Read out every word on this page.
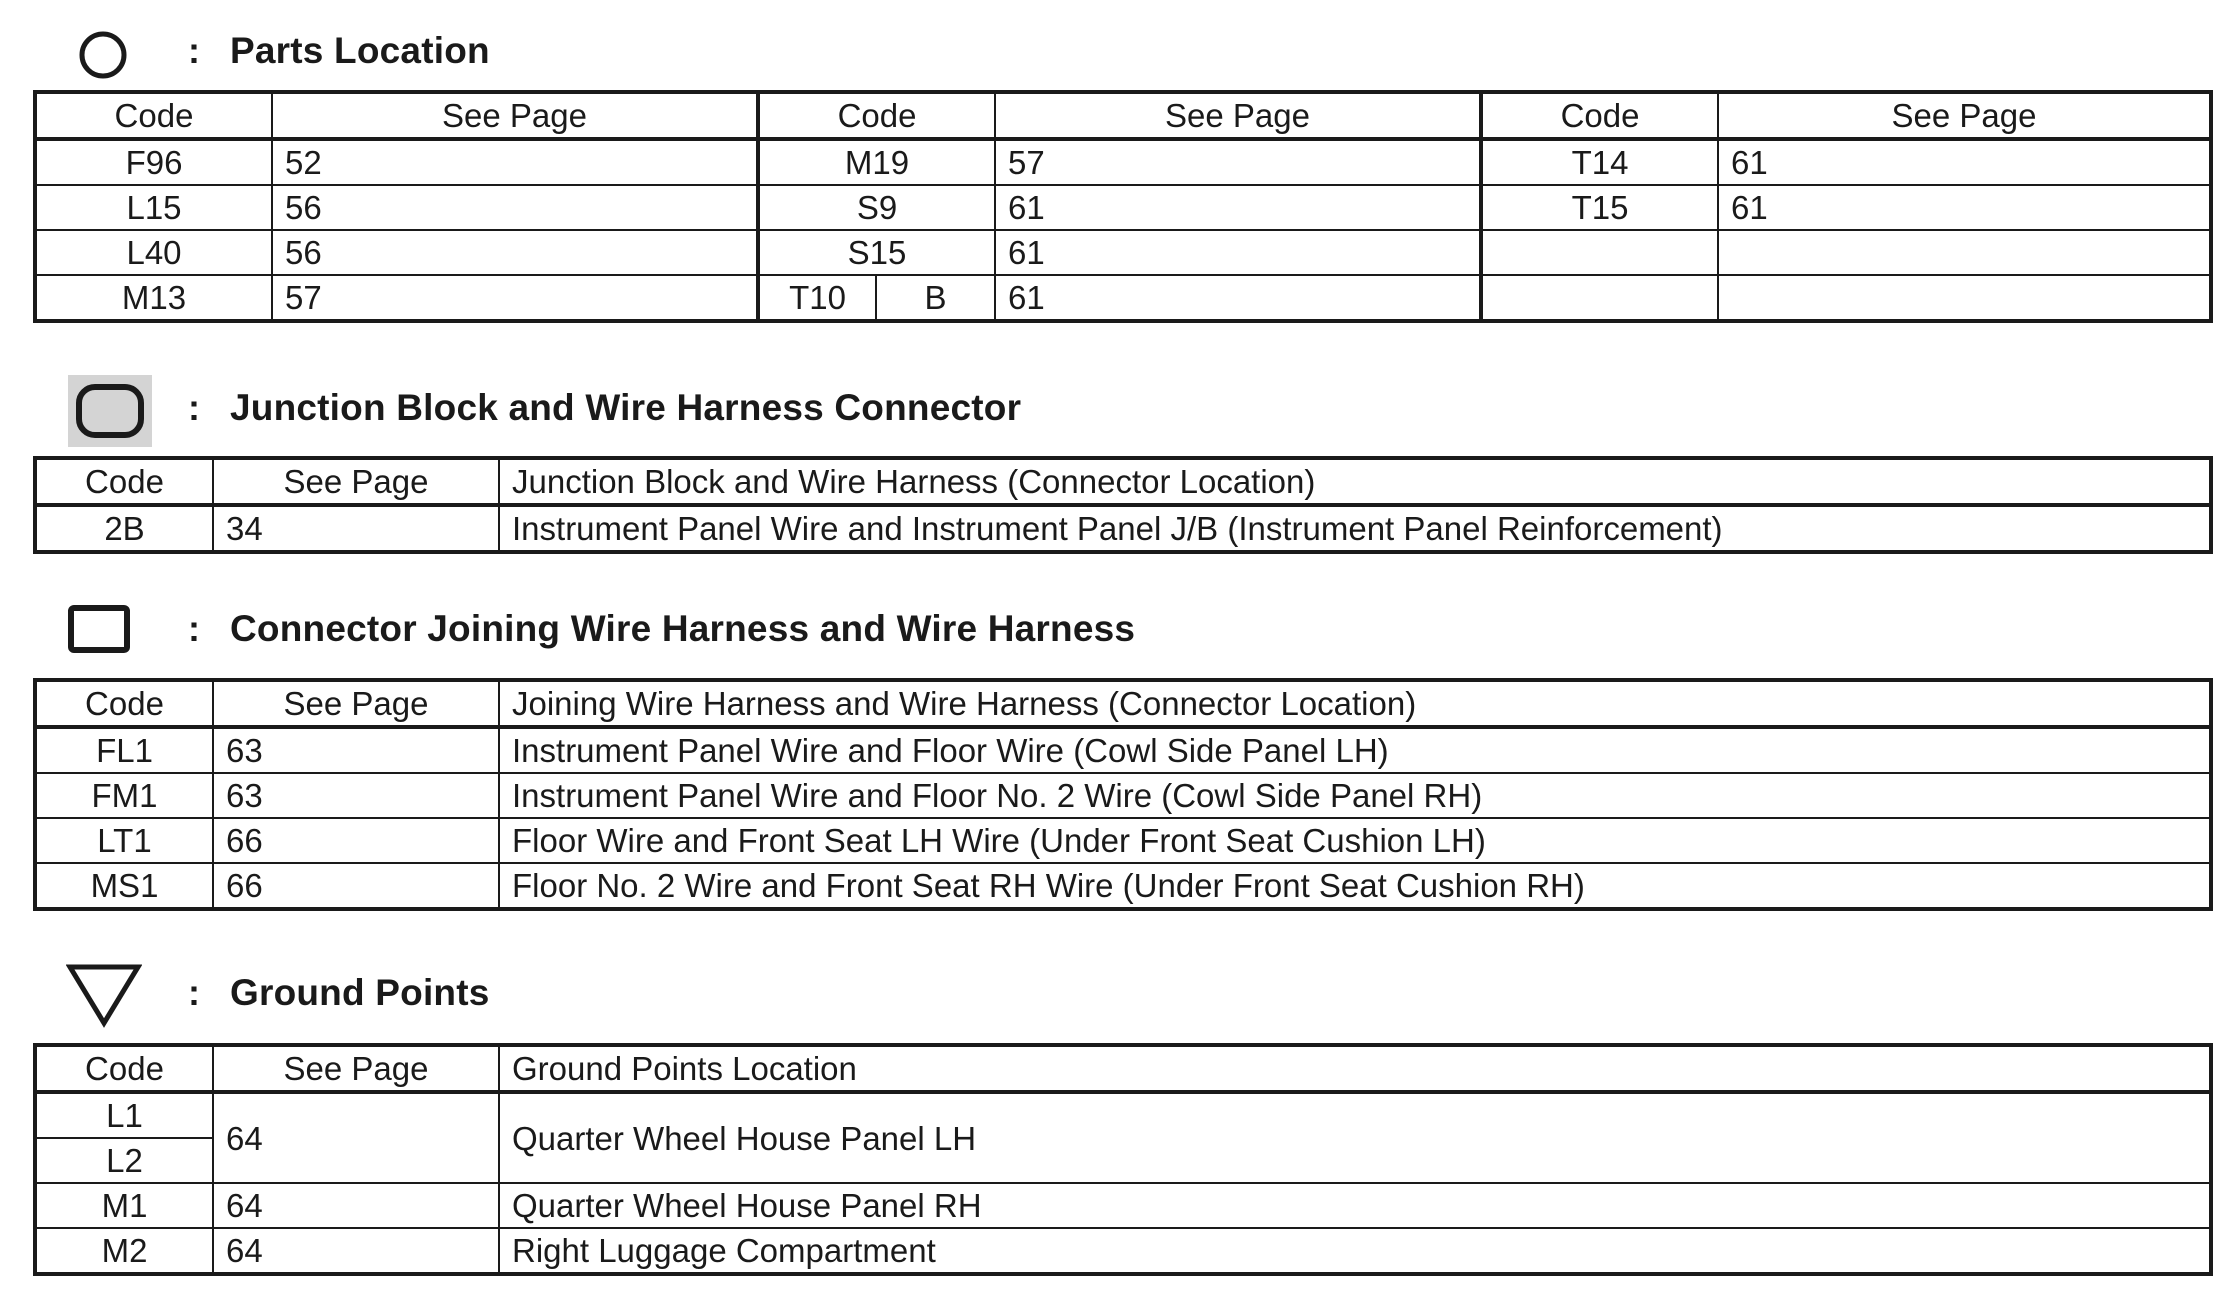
: Parts Location
Code	See Page	Code		See Page	Code	See Page
F96	52	M19		57	T14	61
L15	56	S9		61	T15	61
L40	56	S15		61		
M13	57	T10	B	61		
: Junction Block and Wire Harness Connector
Code	See Page	Junction Block and Wire Harness (Connector Location)
2B	34	Instrument Panel Wire and Instrument Panel J/B (Instrument Panel Reinforcement)
: Connector Joining Wire Harness and Wire Harness
Code	See Page	Joining Wire Harness and Wire Harness (Connector Location)
FL1	63	Instrument Panel Wire and Floor Wire (Cowl Side Panel LH)
FM1	63	Instrument Panel Wire and Floor No. 2 Wire (Cowl Side Panel RH)
LT1	66	Floor Wire and Front Seat LH Wire (Under Front Seat Cushion LH)
MS1	66	Floor No. 2 Wire and Front Seat RH Wire (Under Front Seat Cushion RH)
: Ground Points
Code	See Page	Ground Points Location
L1	64	Quarter Wheel House Panel LH
L2		
M1	64	Quarter Wheel House Panel RH
M2	64	Right Luggage Compartment
